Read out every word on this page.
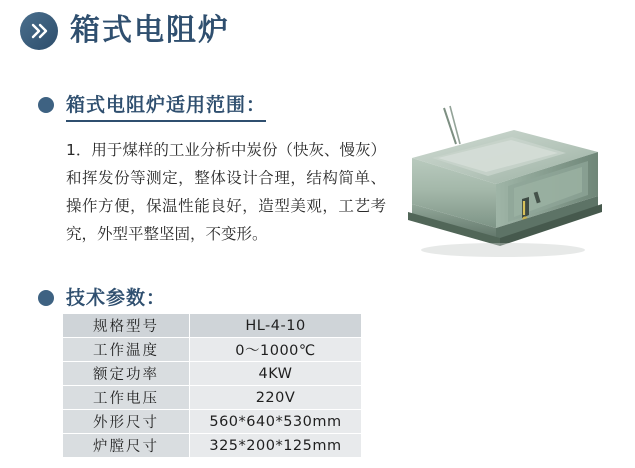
箱式电阻炉
箱式电阻炉适用范围：

1．用于煤样的工业分析中炭份（快灰、慢灰）和挥发份等测定，整体设计合理，结构简单、操作方便，保温性能良好，造型美观，工艺考究，外型平整坚固，不变形。

技术参数：
规格型号	HL-4-10
工作温度	0〜1000℃
额定功率	4KW
工作电压	220V
外形尺寸	560*640*530mm
炉膛尺寸	325*200*125mm
